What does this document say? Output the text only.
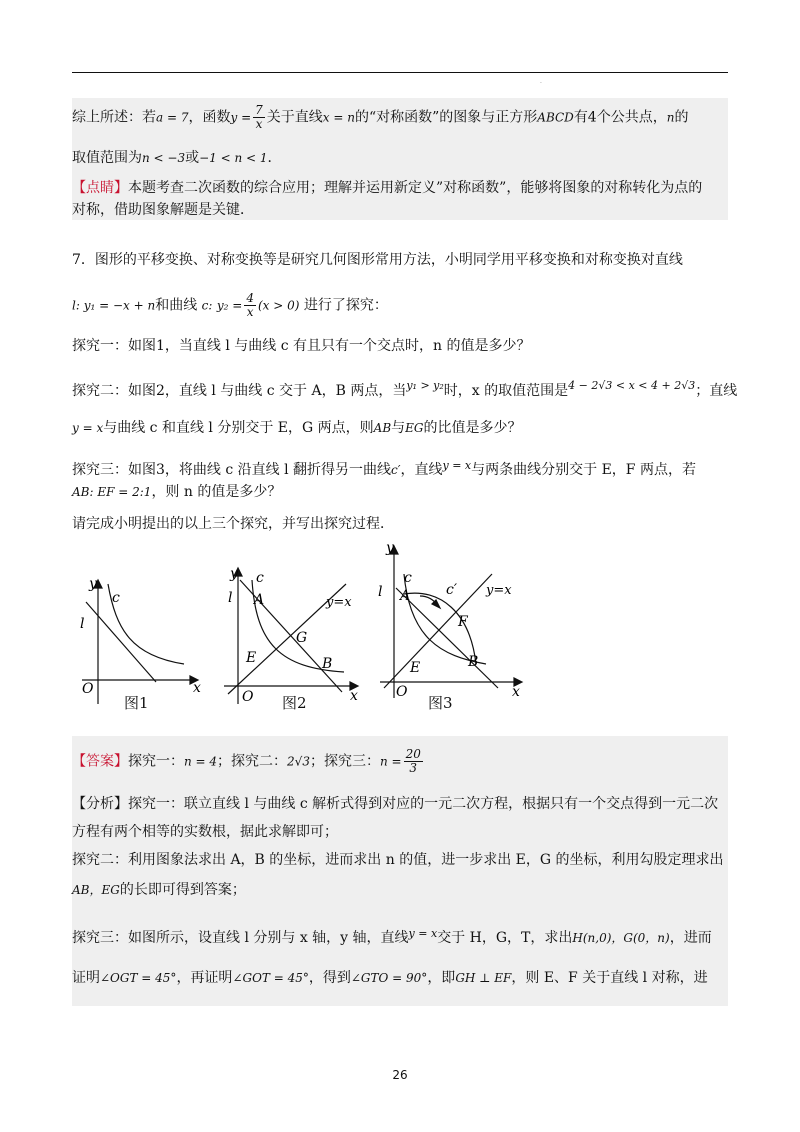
.
综上所述：若a = 7，函数$y = \frac{7}{x}$ 关于直线x = n的“对称函数”的图象与正方形ABCD有4个公共点，n的
取值范围为n < −3或−1 < n < 1．
【点睛】本题考查二次函数的综合应用；理解并运用新定义”对称函数”，能够将图象的对称转化为点的
对称，借助图象解题是关键．
7．图形的平移变换、对称变换等是研究几何图形常用方法，小明同学用平移变换和对称变换对直线
l: y₁ = −x + n和曲线 c: $y_2 = \frac{4}{x} (x > 0)$ 进行了探究：
探究一：如图1，当直线 l 与曲线 c 有且只有一个交点时，n 的值是多少？
探究二：如图2，直线 l 与曲线 c 交于 A，B 两点，当$^{y_1 > y_2}$时，x 的取值范围是$^{4 - 2√3 < x < 4 + 2√3}$；直线
y = x与曲线 c 和直线 l 分别交于 E，G 两点，则AB与EG的比值是多少？
探究三：如图3，将曲线 c 沿直线 l 翻折得另一曲线c′，直线$^{y = x}$与两条曲线分别交于 E，F 两点，若
AB: EF = 2:1，则 n 的值是多少？
请完成小明提出的以上三个探究，并写出探究过程．
y
x
O
c
l
图1
y c
l A	y=x
G
E	B
O	x
图2
y
c
l A	c′ y=x
F
E	B
O	x
图3
【答案】探究一：n = 4；探究二：2√3；探究三：$n = \frac{20}{3}$
【分析】探究一：联立直线 l 与曲线 c 解析式得到对应的一元二次方程，根据只有一个交点得到一元二次
方程有两个相等的实数根，据此求解即可；
探究二：利用图象法求出 A，B 的坐标，进而求出 n 的值，进一步求出 E，G 的坐标，利用勾股定理求出
AB，EG的长即可得到答案；
探究三：如图所示，设直线 l 分别与 x 轴，y 轴，直线$^{y = x}$交于 H，G，T，求出H(n,0)，G(0，n)，进而
证明∠OGT = 45°，再证明∠GOT = 45°，得到∠GTO = 90°，即GH ⊥ EF，则 E、F 关于直线 l 对称，进
26
